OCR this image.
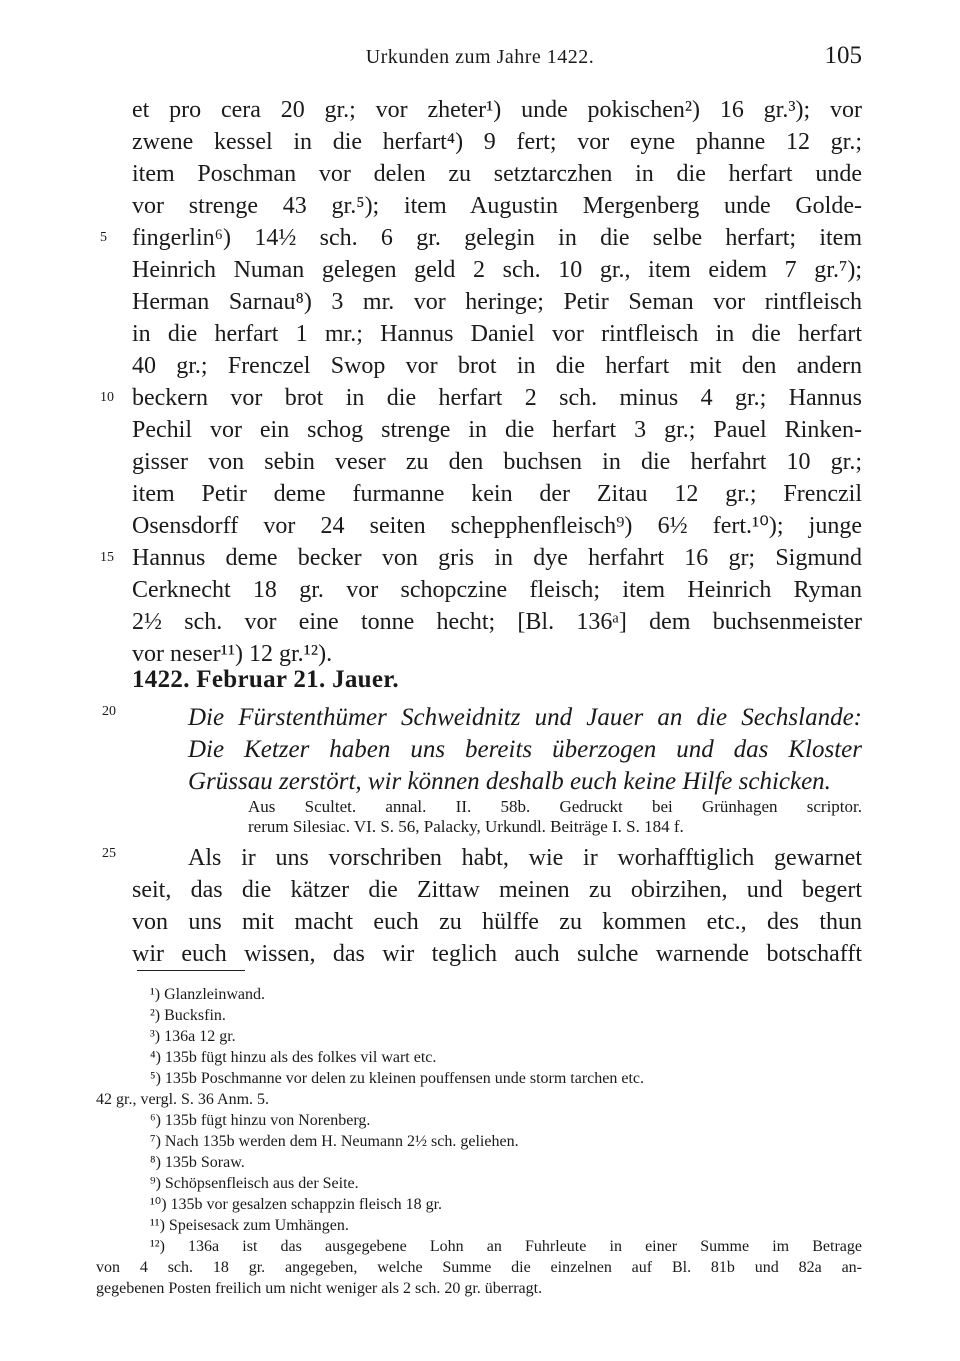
Urkunden zum Jahre 1422.	105
et pro cera 20 gr.; vor zheter¹) unde pokischen²) 16 gr.³); vor
zwene kessel in die herfart⁴) 9 fert; vor eyne phanne 12 gr.;
item Poschman vor delen zu setztarczhen in die herfart unde
vor strenge 43 gr.⁵); item Augustin Mergenberg unde Golde-
fingerlin⁶) 14½ sch. 6 gr. gelegin in die selbe herfart; item
Heinrich Numan gelegen geld 2 sch. 10 gr., item eidem 7 gr.⁷);
Herman Sarnau⁸) 3 mr. vor heringe; Petir Seman vor rintfleisch
in die herfart 1 mr.; Hannus Daniel vor rintfleisch in die herfart
40 gr.; Frenczel Swop vor brot in die herfart mit den andern
beckern vor brot in die herfart 2 sch. minus 4 gr.; Hannus
Pechil vor ein schog strenge in die herfart 3 gr.; Pauel Rinken-
gisser von sebin veser zu den buchsen in die herfahrt 10 gr.;
item Petir deme furmanne kein der Zitau 12 gr.; Frenczil
Osensdorff vor 24 seiten schepphenfleisch⁹) 6½ fert.¹⁰); junge
Hannus deme becker von gris in dye herfahrt 16 gr; Sigmund
Cerknecht 18 gr. vor schopczine fleisch; item Heinrich Ryman
2½ sch. vor eine tonne hecht; [Bl. 136ᵃ] dem buchsenmeister
vor neser¹¹) 12 gr.¹²).
5
10
15
20
25
1422. Februar 21. Jauer.
Die Fürstenthümer Schweidnitz und Jauer an die Sechslande:
Die Ketzer haben uns bereits überzogen und das Kloster
Grüssau zerstört, wir können deshalb euch keine Hilfe schicken.
Aus Scultet. annal. II. 58b. Gedruckt bei Grünhagen scriptor.
rerum Silesiac. VI. S. 56, Palacky, Urkundl. Beiträge I. S. 184 f.
Als ir uns vorschriben habt, wie ir worhafftiglich gewarnet
seit, das die kätzer die Zittaw meinen zu obirzihen, und begert
von uns mit macht euch zu hülffe zu kommen etc., des thun
wir euch wissen, das wir teglich auch sulche warnende botschafft
¹) Glanzleinwand.
²) Bucksfin.
³) 136a 12 gr.
⁴) 135b fügt hinzu als des folkes vil wart etc.
⁵) 135b Poschmanne vor delen zu kleinen pouffensen unde storm tarchen etc.
42 gr., vergl. S. 36 Anm. 5.
⁶) 135b fügt hinzu von Norenberg.
⁷) Nach 135b werden dem H. Neumann 2½ sch. geliehen.
⁸) 135b Soraw.
⁹) Schöpsenfleisch aus der Seite.
¹⁰) 135b vor gesalzen schappzin fleisch 18 gr.
¹¹) Speisesack zum Umhängen.
¹²) 136a ist das ausgegebene Lohn an Fuhrleute in einer Summe im Betrage
von 4 sch. 18 gr. angegeben, welche Summe die einzelnen auf Bl. 81b und 82a an-
gegebenen Posten freilich um nicht weniger als 2 sch. 20 gr. überragt.
